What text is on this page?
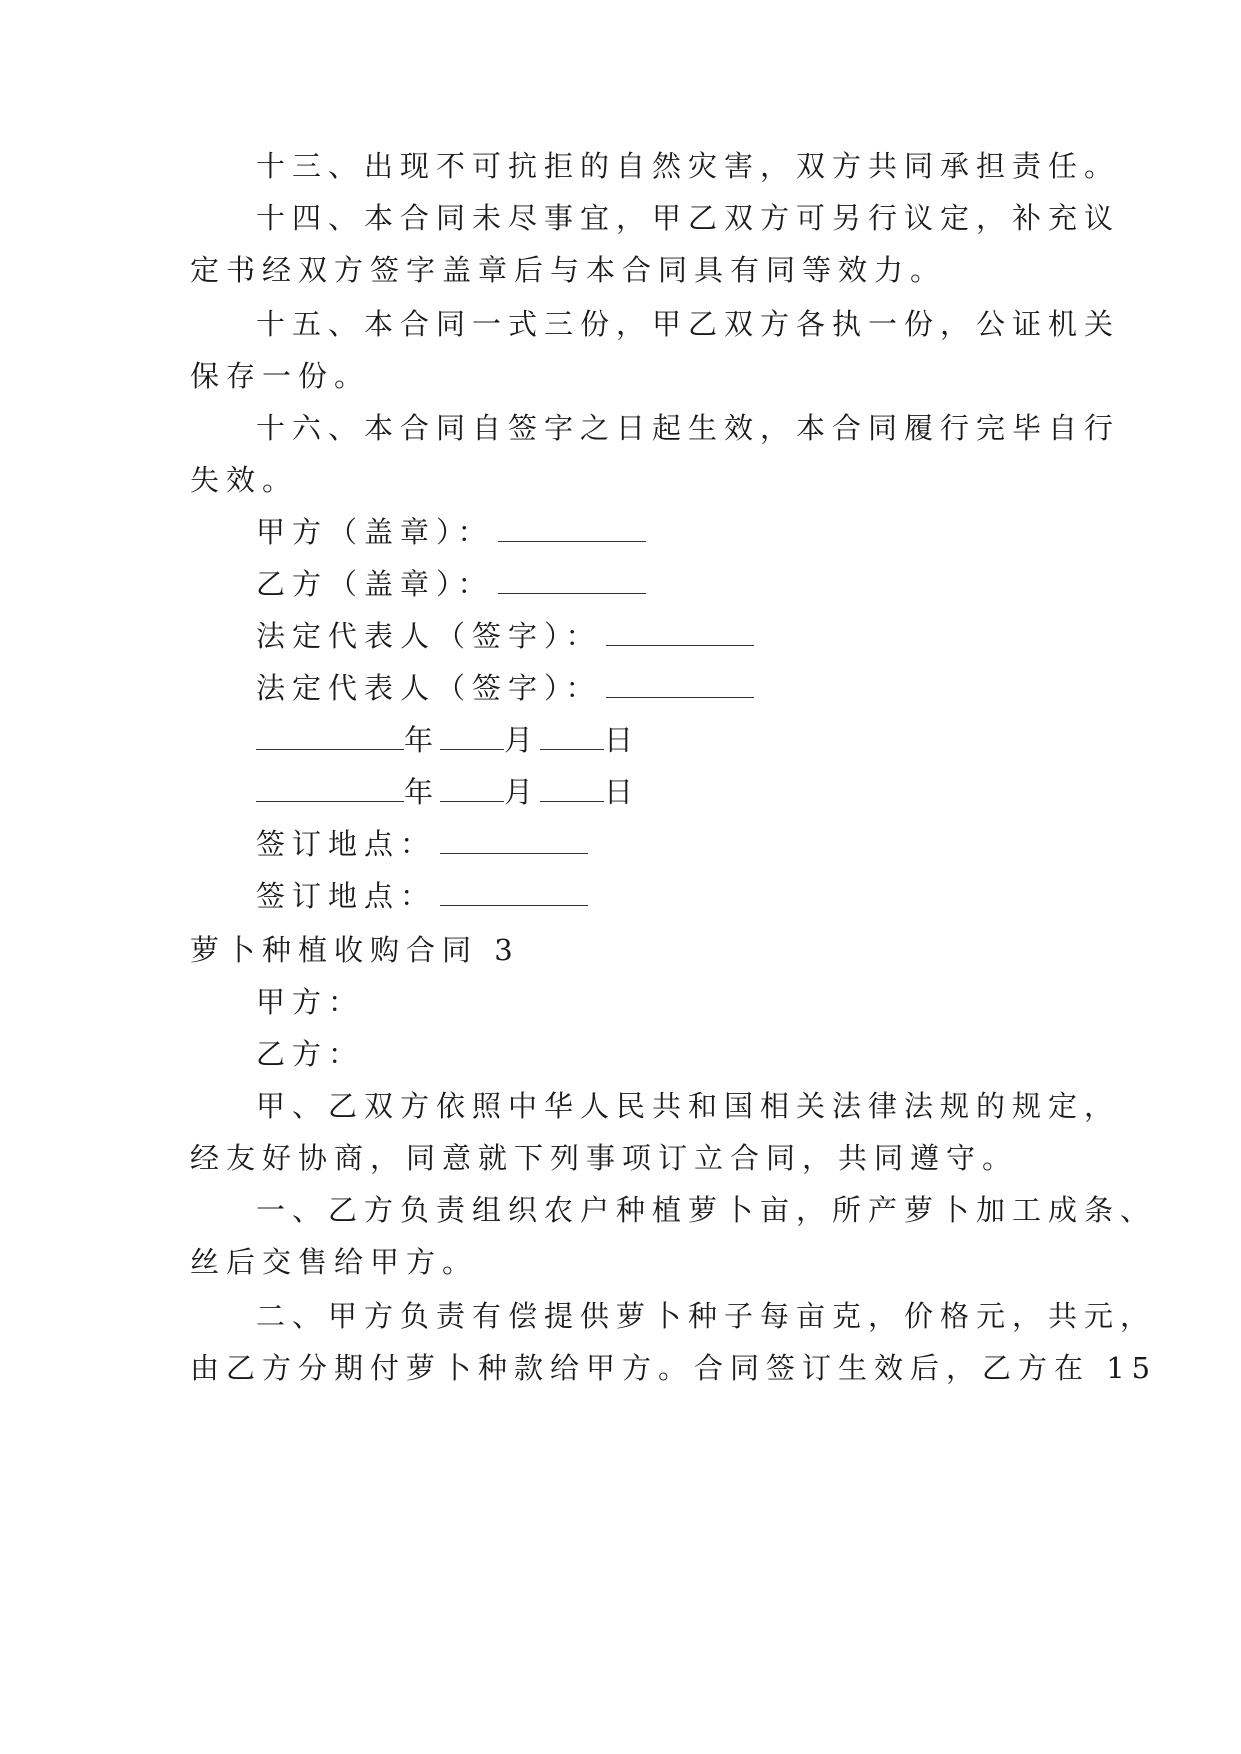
十三、出现不可抗拒的自然灾害，双方共同承担责任。
十四、本合同未尽事宜，甲乙双方可另行议定，补充议
定书经双方签字盖章后与本合同具有同等效力。
十五、本合同一式三份，甲乙双方各执一份，公证机关
保存一份。
十六、本合同自签字之日起生效，本合同履行完毕自行
失效。
甲方（盖章）：
乙方（盖章）：
法定代表人（签字）：
法定代表人（签字）：
年 月 日
年 月 日
签订地点：
签订地点：
萝卜种植收购合同 3
甲方：
乙方：
甲、乙双方依照中华人民共和国相关法律法规的规定，
经友好协商，同意就下列事项订立合同，共同遵守。
一、乙方负责组织农户种植萝卜亩，所产萝卜加工成条、
丝后交售给甲方。
二、甲方负责有偿提供萝卜种子每亩克，价格元，共元，
由乙方分期付萝卜种款给甲方。合同签订生效后，乙方在 15
